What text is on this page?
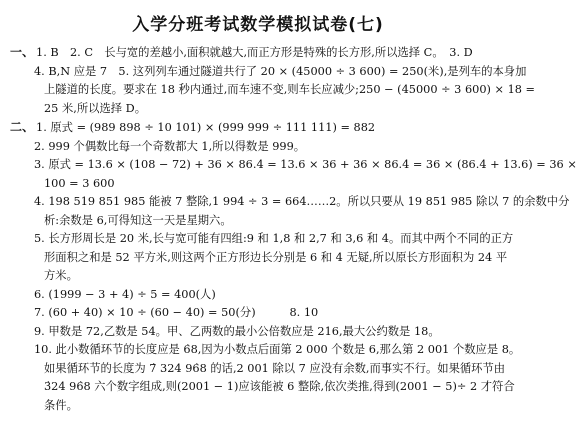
入学分班考试数学模拟试卷(七)
一、 1. B　2. C　长与宽的差越小,面积就越大,而正方形是特殊的长方形,所以选择 C。　3. D
4. B,N 应是 7　5. 这列列车通过隧道共行了 20 × (45000 ÷ 3 600) = 250(米),是列车的本身加
上隧道的长度。要求在 18 秒内通过,而车速不变,则车长应减少;250 − (45000 ÷ 3 600) × 18 =
25 米,所以选择 D。
二、 1. 原式 = (989 898 ÷ 10 101) × (999 999 ÷ 111 111) = 882
2. 999 个偶数比每一个奇数都大 1,所以得数是 999。
3. 原式 = 13.6 × (108 − 72) + 36 × 86.4 = 13.6 × 36 + 36 × 86.4 = 36 × (86.4 + 13.6) = 36 ×
100 = 3 600
4. 198 519 851 985 能被 7 整除,1 994 ÷ 3 = 664……2。所以只要从 19 851 985 除以 7 的余数中分
析:余数是 6,可得知这一天是星期六。
5. 长方形周长是 20 米,长与宽可能有四组:9 和 1,8 和 2,7 和 3,6 和 4。而其中两个不同的正方
形面积之和是 52 平方米,则这两个正方形边长分别是 6 和 4 无疑,所以原长方形面积为 24 平
方米。
6. (1999 − 3 + 4) ÷ 5 = 400(人)
7. (60 + 40) × 10 ÷ (60 − 40) = 50(分)　　　8. 10
9. 甲数是 72,乙数是 54。甲、乙两数的最小公倍数应是 216,最大公约数是 18。
10. 此小数循环节的长度应是 6̇8,因为小数点后面第 2 000 个数是 6,那么第 2 001 个数应是 8。
如果循环节的长度为 7̇ 324 96̇8 的话,2 001 除以 7 应没有余数,而事实不行。如果循环节由
3̇24 96̇8 六个数字组成,则(2001 − 1)应该能被 6 整除,依次类推,得到(2001 − 5)÷ 2 才符合
条件。
